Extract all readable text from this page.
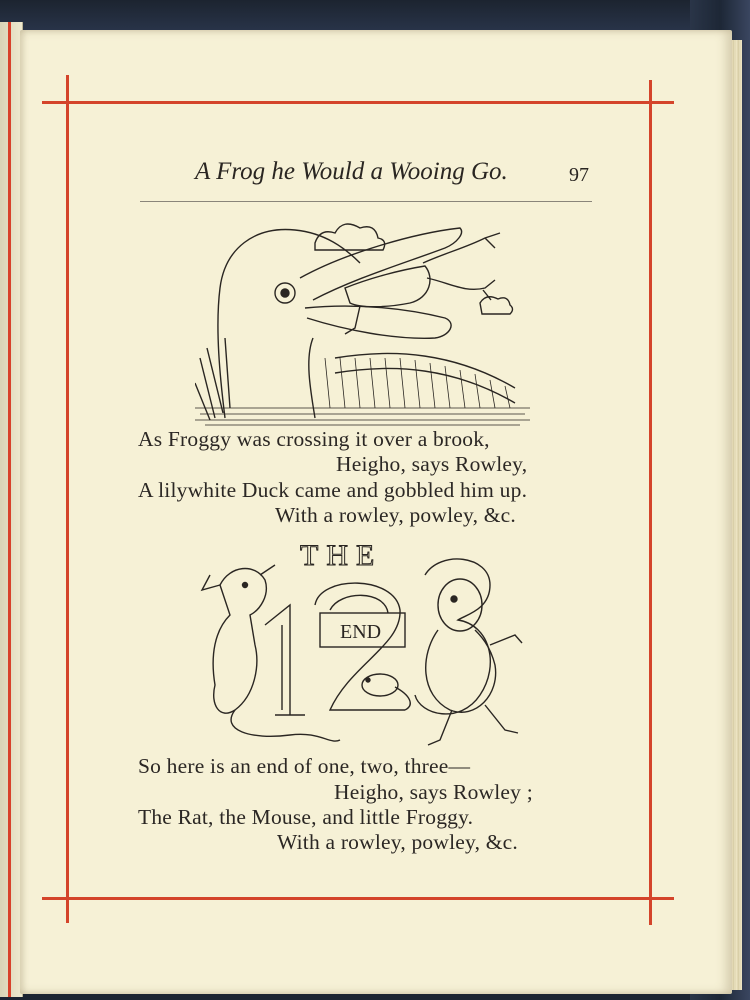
A Frog he Would a Wooing Go.	97
As Froggy was crossing it over a brook,
Heigho, says Rowley,
A lilywhite Duck came and gobbled him up.
With a rowley, powley, &c.
THE
END
So here is an end of one, two, three—
Heigho, says Rowley ;
The Rat, the Mouse, and little Froggy.
With a rowley, powley, &c.
